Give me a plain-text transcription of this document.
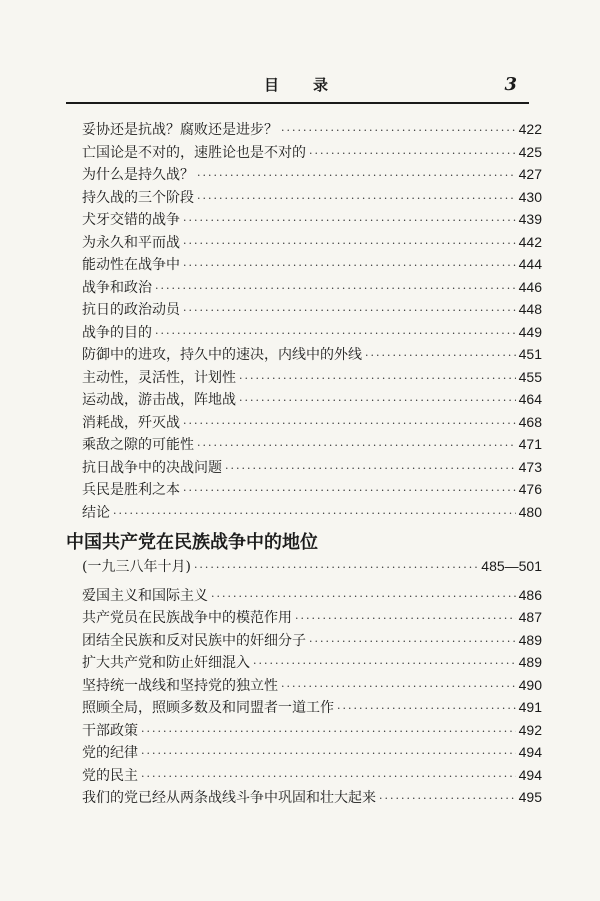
目 录	3
妥协还是抗战？腐败还是进步？ ·····	422
亡国论是不对的，速胜论也是不对的 ·····	425
为什么是持久战？ ·····	427
持久战的三个阶段 ·····	430
犬牙交错的战争 ·····	439
为永久和平而战 ·····	442
能动性在战争中 ·····	444
战争和政治 ·····	446
抗日的政治动员 ·····	448
战争的目的 ·····	449
防御中的进攻，持久中的速决，内线中的外线 ·····	451
主动性，灵活性，计划性 ·····	455
运动战，游击战，阵地战 ·····	464
消耗战，歼灭战 ·····	468
乘敌之隙的可能性 ·····	471
抗日战争中的决战问题 ·····	473
兵民是胜利之本 ·····	476
结论 ·····	480
中国共产党在民族战争中的地位
(一九三八年十月) ·····	485—501
爱国主义和国际主义 ·····	486
共产党员在民族战争中的模范作用 ·····	487
团结全民族和反对民族中的奸细分子 ·····	489
扩大共产党和防止奸细混入 ·····	489
坚持统一战线和坚持党的独立性 ·····	490
照顾全局，照顾多数及和同盟者一道工作 ·····	491
干部政策 ·····	492
党的纪律 ·····	494
党的民主 ·····	494
我们的党已经从两条战线斗争中巩固和壮大起来 ·····	495
